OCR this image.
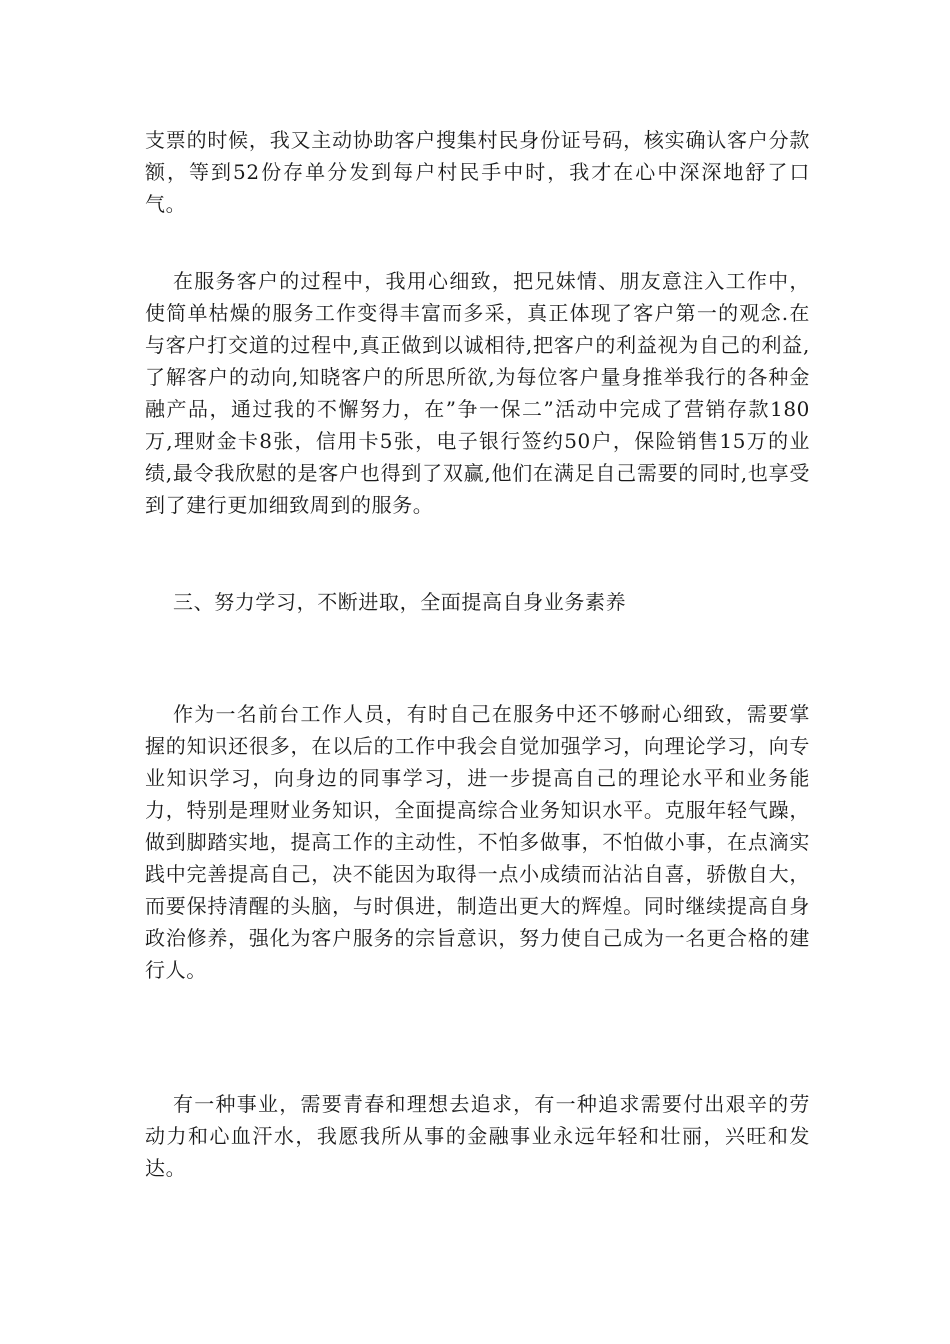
支票的时候，我又主动协助客户搜集村民身份证号码，核实确认客户分款额，等到52份存单分发到每户村民手中时，我才在心中深深地舒了口气。

在服务客户的过程中，我用心细致，把兄妹情、朋友意注入工作中，使简单枯燥的服务工作变得丰富而多采，真正体现了客户第一的观念.在与客户打交道的过程中,真正做到以诚相待,把客户的利益视为自己的利益,了解客户的动向,知晓客户的所思所欲,为每位客户量身推举我行的各种金融产品，通过我的不懈努力，在”争一保二”活动中完成了营销存款180万,理财金卡8张，信用卡5张，电子银行签约50户，保险销售15万的业绩,最令我欣慰的是客户也得到了双赢,他们在满足自己需要的同时,也享受到了建行更加细致周到的服务。

三、努力学习，不断进取，全面提高自身业务素养

作为一名前台工作人员，有时自己在服务中还不够耐心细致，需要掌握的知识还很多，在以后的工作中我会自觉加强学习，向理论学习，向专业知识学习，向身边的同事学习，进一步提高自己的理论水平和业务能力，特别是理财业务知识，全面提高综合业务知识水平。克服年轻气躁，做到脚踏实地，提高工作的主动性，不怕多做事，不怕做小事，在点滴实践中完善提高自己，决不能因为取得一点小成绩而沾沾自喜，骄傲自大，而要保持清醒的头脑，与时俱进，制造出更大的辉煌。同时继续提高自身政治修养，强化为客户服务的宗旨意识，努力使自己成为一名更合格的建行人。

有一种事业，需要青春和理想去追求，有一种追求需要付出艰辛的劳动力和心血汗水，我愿我所从事的金融事业永远年轻和壮丽，兴旺和发达。
